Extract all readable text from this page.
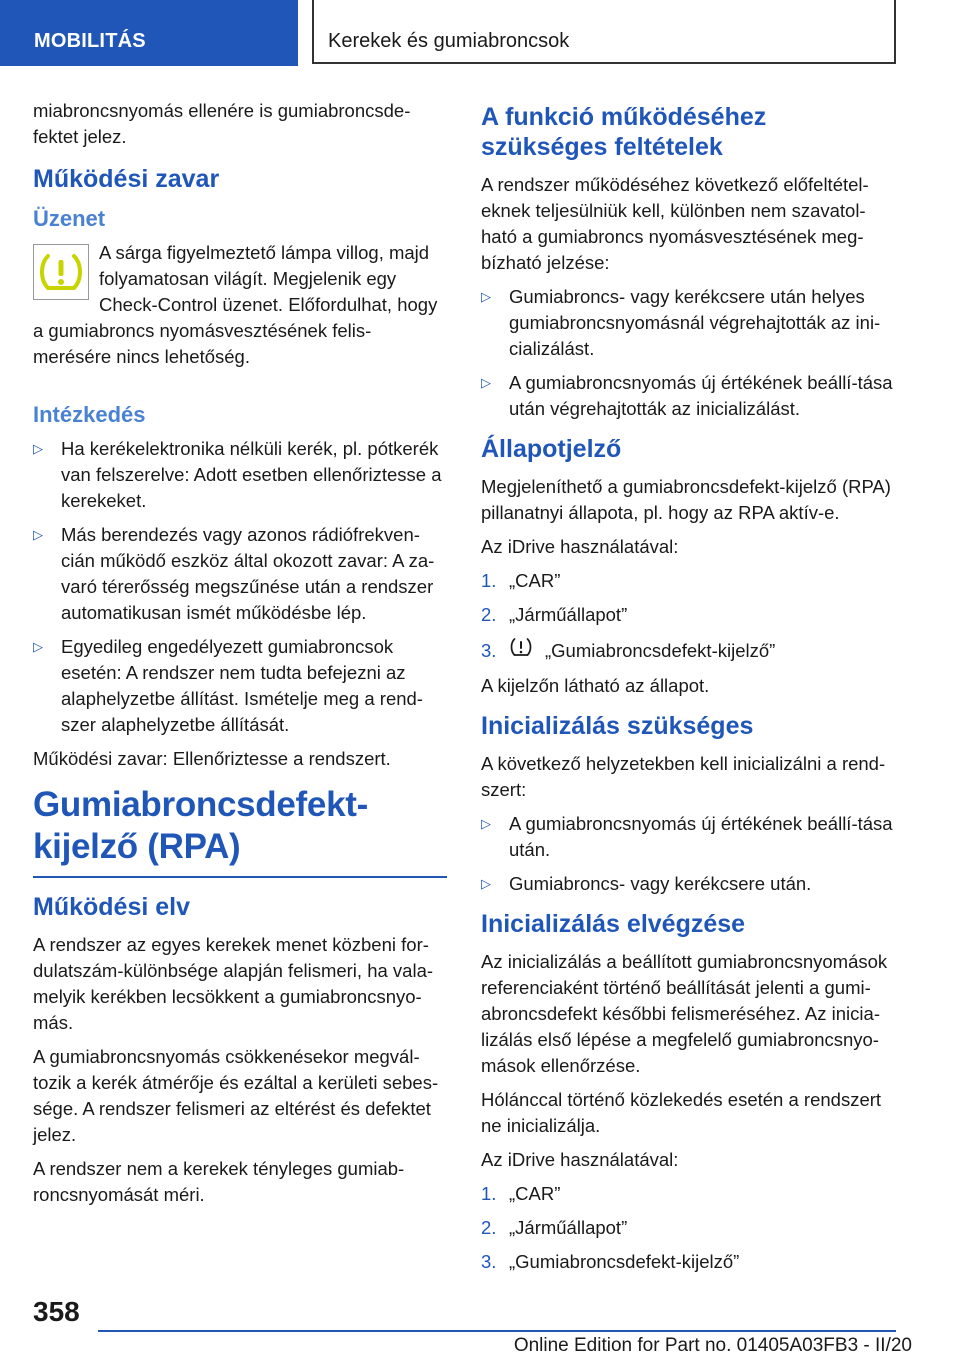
MOBILITÁS	Kerekek és gumiabroncsok

miabroncsnyomás ellenére is gumiabroncsde-fektet jelez.

Működési zavar
Üzenet

A sárga figyelmeztető lámpa villog, majd folyamatosan világít. Megjelenik egy Check-Control üzenet. Előfordulhat, hogy a gumiabroncs nyomásvesztésének felis-merésére nincs lehetőség.

Intézkedés
▷ Ha kerékelektronika nélküli kerék, pl. pótkerék van felszerelve: Adott esetben ellenőriztesse a kerekeket.
▷ Más berendezés vagy azonos rádiófrekven-cián működő eszköz által okozott zavar: A za-varó térerősség megszűnése után a rendszer automatikusan ismét működésbe lép.
▷ Egyedileg engedélyezett gumiabroncsok esetén: A rendszer nem tudta befejezni az alaphelyzetbe állítást. Ismételje meg a rend-szer alaphelyzetbe állítását.

Működési zavar: Ellenőriztesse a rendszert.

Gumiabroncsdefekt-kijelző (RPA)
Működési elv

A rendszer az egyes kerekek menet közbeni for-dulatszám-különbsége alapján felismeri, ha vala-melyik kerékben lecsökkent a gumiabroncsnyo-más.

A gumiabroncsnyomás csökkenésekor megvál-tozik a kerék átmérője és ezáltal a kerületi sebes-sége. A rendszer felismeri az eltérést és defektet jelez.

A rendszer nem a kerekek tényleges gumiab-roncsnyomását méri.

A funkció működéséhez szükséges feltételek

A rendszer működéséhez következő előfeltétel-eknek teljesülniük kell, különben nem szavatol-ható a gumiabroncs nyomásvesztésének meg-bízható jelzése:

▷ Gumiabroncs- vagy kerékcsere után helyes gumiabroncsnyomásnál végrehajtották az ini-cializálást.
▷ A gumiabroncsnyomás új értékének beállí-tása után végrehajtották az inicializálást.
Állapotjelző

Megjeleníthető a gumiabroncsdefekt-kijelző (RPA) pillanatnyi állapota, pl. hogy az RPA aktív-e.

Az iDrive használatával:

1. „CAR”
2. „Járműállapot”
3.	„Gumiabroncsdefekt-kijelző”

A kijelzőn látható az állapot.

Inicializálás szükséges

A következő helyzetekben kell inicializálni a rend-szert:

▷ A gumiabroncsnyomás új értékének beállí-tása után.
▷ Gumiabroncs- vagy kerékcsere után.
Inicializálás elvégzése

Az inicializálás a beállított gumiabroncsnyomások referenciaként történő beállítását jelenti a gumi-abroncsdefekt későbbi felismeréséhez. Az inicia-lizálás első lépése a megfelelő gumiabroncsnyo-mások ellenőrzése.

Hólánccal történő közlekedés esetén a rendszert ne inicializálja.

Az iDrive használatával:

1. „CAR”
2. „Járműállapot”
3. „Gumiabroncsdefekt-kijelző”
358
Online Edition for Part no. 01405A03FB3 - II/20
